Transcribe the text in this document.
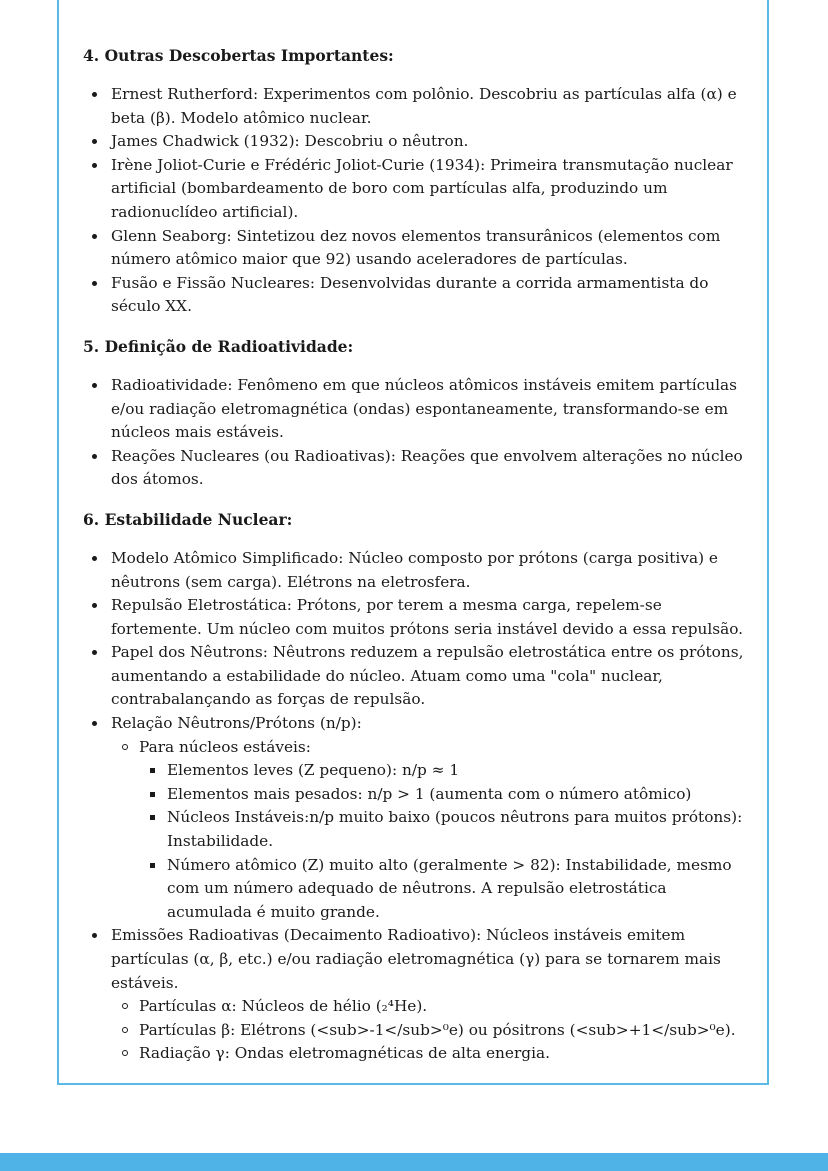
4. Outras Descobertas Importantes:
Ernest Rutherford: Experimentos com polônio. Descobriu as partículas alfa (α) e beta (β). Modelo atômico nuclear.
James Chadwick (1932): Descobriu o nêutron.
Irène Joliot-Curie e Frédéric Joliot-Curie (1934): Primeira transmutação nuclear artificial (bombardeamento de boro com partículas alfa, produzindo um radionuclídeo artificial).
Glenn Seaborg: Sintetizou dez novos elementos transurânicos (elementos com número atômico maior que 92) usando aceleradores de partículas.
Fusão e Fissão Nucleares: Desenvolvidas durante a corrida armamentista do século XX.
5. Definição de Radioatividade:
Radioatividade: Fenômeno em que núcleos atômicos instáveis emitem partículas e/ou radiação eletromagnética (ondas) espontaneamente, transformando-se em núcleos mais estáveis.
Reações Nucleares (ou Radioativas): Reações que envolvem alterações no núcleo dos átomos.
6. Estabilidade Nuclear:
Modelo Atômico Simplificado: Núcleo composto por prótons (carga positiva) e nêutrons (sem carga). Elétrons na eletrosfera.
Repulsão Eletrostática: Prótons, por terem a mesma carga, repelem-se fortemente. Um núcleo com muitos prótons seria instável devido a essa repulsão.
Papel dos Nêutrons: Nêutrons reduzem a repulsão eletrostática entre os prótons, aumentando a estabilidade do núcleo. Atuam como uma "cola" nuclear, contrabalançando as forças de repulsão.
Relação Nêutrons/Prótons (n/p):
Para núcleos estáveis:
Elementos leves (Z pequeno): n/p ≈ 1
Elementos mais pesados: n/p > 1 (aumenta com o número atômico)
Núcleos Instáveis:n/p muito baixo (poucos nêutrons para muitos prótons): Instabilidade.
Número atômico (Z) muito alto (geralmente > 82): Instabilidade, mesmo com um número adequado de nêutrons. A repulsão eletrostática acumulada é muito grande.
Emissões Radioativas (Decaimento Radioativo): Núcleos instáveis emitem partículas (α, β, etc.) e/ou radiação eletromagnética (γ) para se tornarem mais estáveis.
Partículas α: Núcleos de hélio (₂⁴He).
Partículas β: Elétrons (<sub>-1</sub>⁰e) ou pósitrons (<sub>+1</sub>⁰e).
Radiação γ: Ondas eletromagnéticas de alta energia.
